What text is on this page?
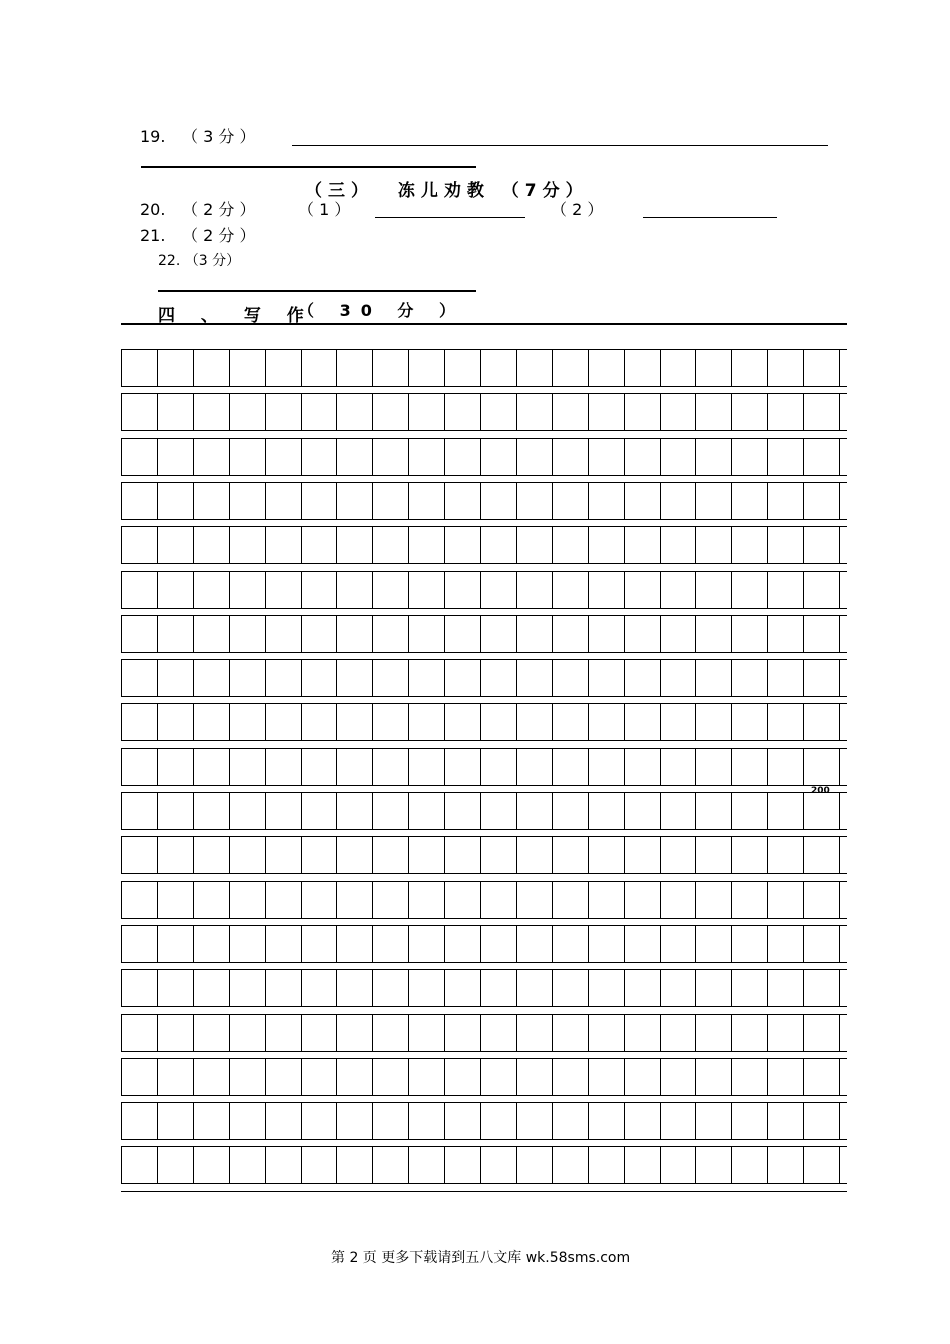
19. （ 3 分 ）
（三）  冻儿劝教 （7分）
20. （ 2 分 ）	（ 1 ）	（ 2 ）
21. （ 2 分 ）
22. （3 分）
四 、 写 作
（ 30 分 ）
200
第 2 页 更多下载请到五八文库 wk.58sms.com
